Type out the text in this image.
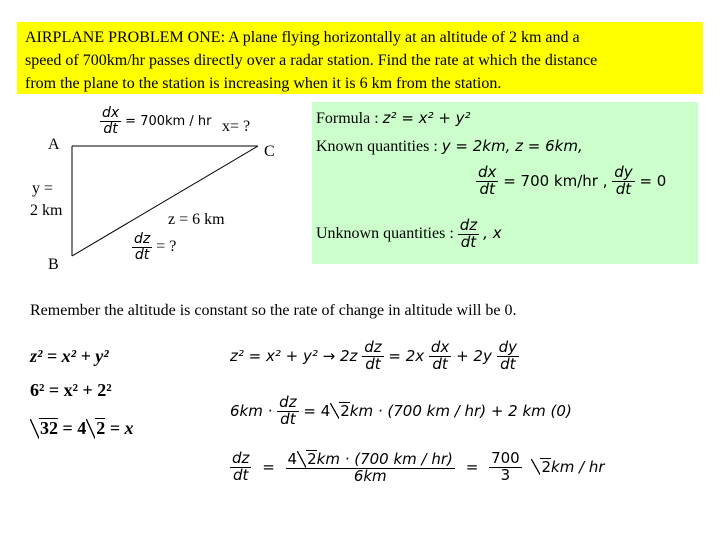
AIRPLANE PROBLEM ONE: A plane flying horizontally at an altitude of 2 km and a
speed of 700km/hr passes directly over a radar station. Find the rate at which the distance
from the plane to the station is increasing when it is 6 km from the station.
A
B
C
$\frac{dx}{dt} = 700km$ / hr x= ?
y =
2 km
z = 6 km
$\frac{dz}{dt}$ = ?
Formula : z² = x² + y²
Known quantities : y = 2km, z = 6km,
$\frac{dx}{dt} = 700$ km/hr , $\frac{dy}{dt} = 0$
Unknown quantities : $\frac{dz}{dt}$ , x
Remember the altitude is constant so the rate of change in altitude will be 0.
z² = x² + y²
6² = x² + 2²
32 = 4 2 = x
$z^2 = x^2 + y^2 \to 2z \frac{dz}{dt} = 2x \frac{dx}{dt} + 2y \frac{dy}{dt}$
$6km \cdot \frac{dz}{dt} = 4$ 2km · (700 km / hr) + 2 km (0)
$\frac{dz}{dt} = \frac{4 2km \cdot (700 km / hr)}{6km} = \frac{700}{3} 2km$ / hr
